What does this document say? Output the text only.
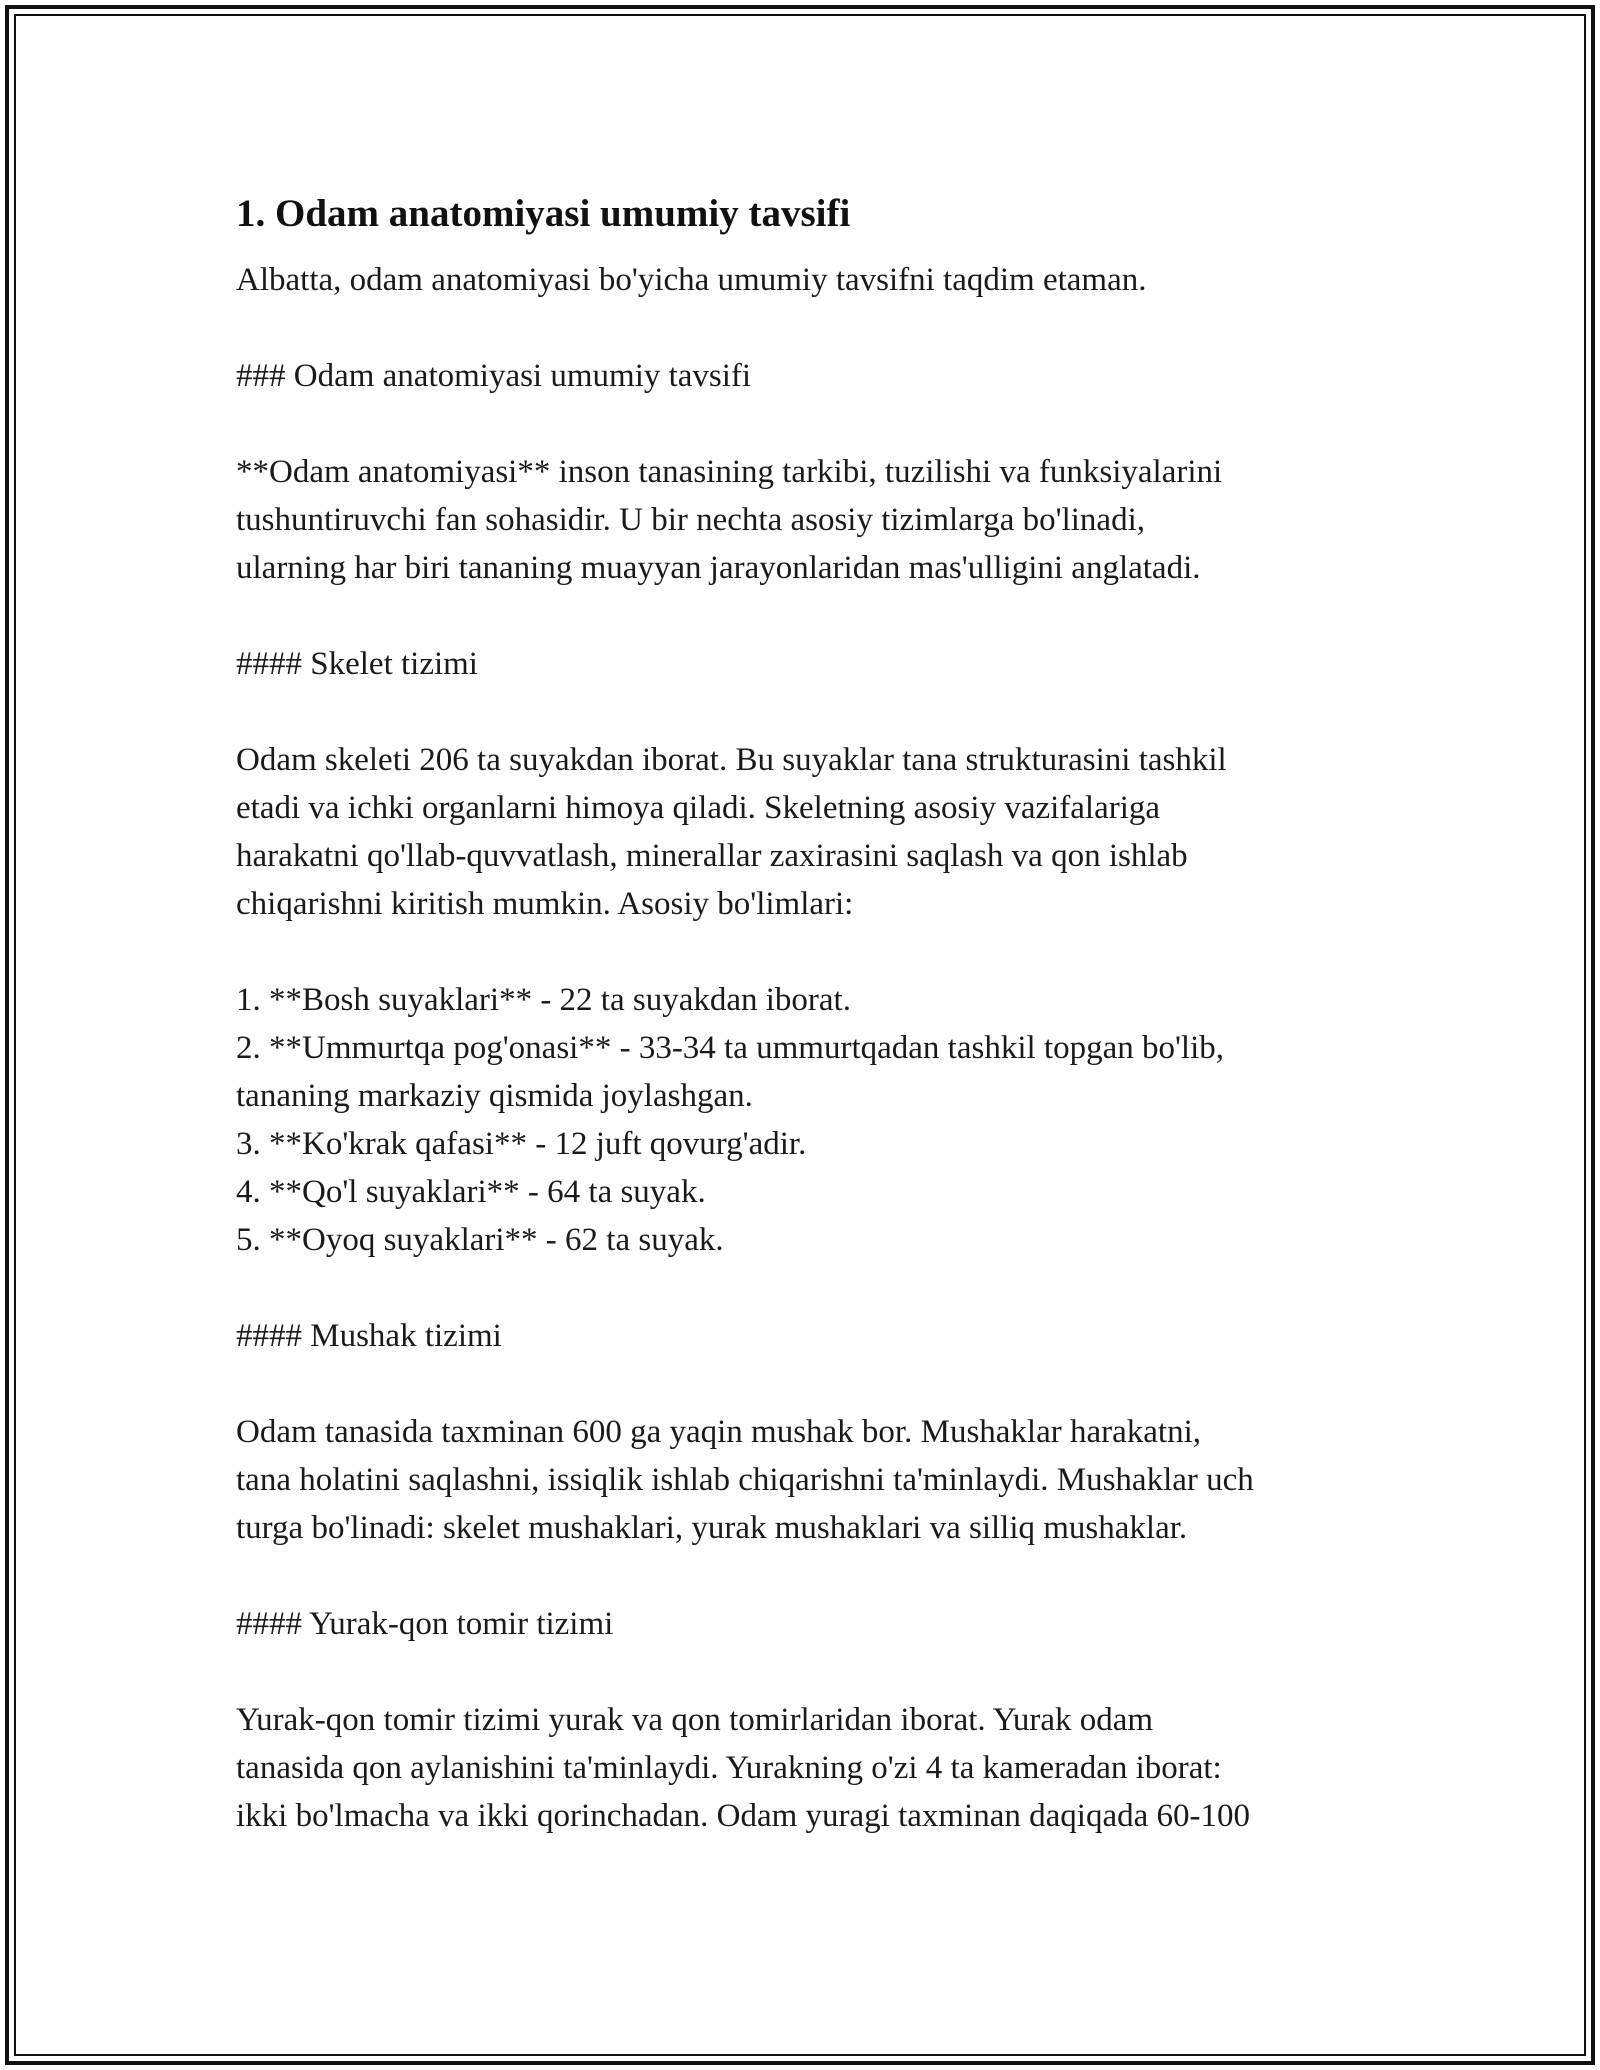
1. Odam anatomiyasi umumiy tavsifi

Albatta, odam anatomiyasi bo'yicha umumiy tavsifni taqdim etaman.

### Odam anatomiyasi umumiy tavsifi

**Odam anatomiyasi** inson tanasining tarkibi, tuzilishi va funksiyalarini

tushuntiruvchi fan sohasidir. U bir nechta asosiy tizimlarga bo'linadi,

ularning har biri tananing muayyan jarayonlaridan mas'ulligini anglatadi.

#### Skelet tizimi

Odam skeleti 206 ta suyakdan iborat. Bu suyaklar tana strukturasini tashkil

etadi va ichki organlarni himoya qiladi. Skeletning asosiy vazifalariga

harakatni qo'llab-quvvatlash, minerallar zaxirasini saqlash va qon ishlab

chiqarishni kiritish mumkin. Asosiy bo'limlari:

1. **Bosh suyaklari** - 22 ta suyakdan iborat.

2. **Ummurtqa pog'onasi** - 33-34 ta ummurtqadan tashkil topgan bo'lib,

tananing markaziy qismida joylashgan.

3. **Ko'krak qafasi** - 12 juft qovurg'adir.

4. **Qo'l suyaklari** - 64 ta suyak.

5. **Oyoq suyaklari** - 62 ta suyak.

#### Mushak tizimi

Odam tanasida taxminan 600 ga yaqin mushak bor. Mushaklar harakatni,

tana holatini saqlashni, issiqlik ishlab chiqarishni ta'minlaydi. Mushaklar uch

turga bo'linadi: skelet mushaklari, yurak mushaklari va silliq mushaklar.

#### Yurak-qon tomir tizimi

Yurak-qon tomir tizimi yurak va qon tomirlaridan iborat. Yurak odam

tanasida qon aylanishini ta'minlaydi. Yurakning o'zi 4 ta kameradan iborat:

ikki bo'lmacha va ikki qorinchadan. Odam yuragi taxminan daqiqada 60-100
